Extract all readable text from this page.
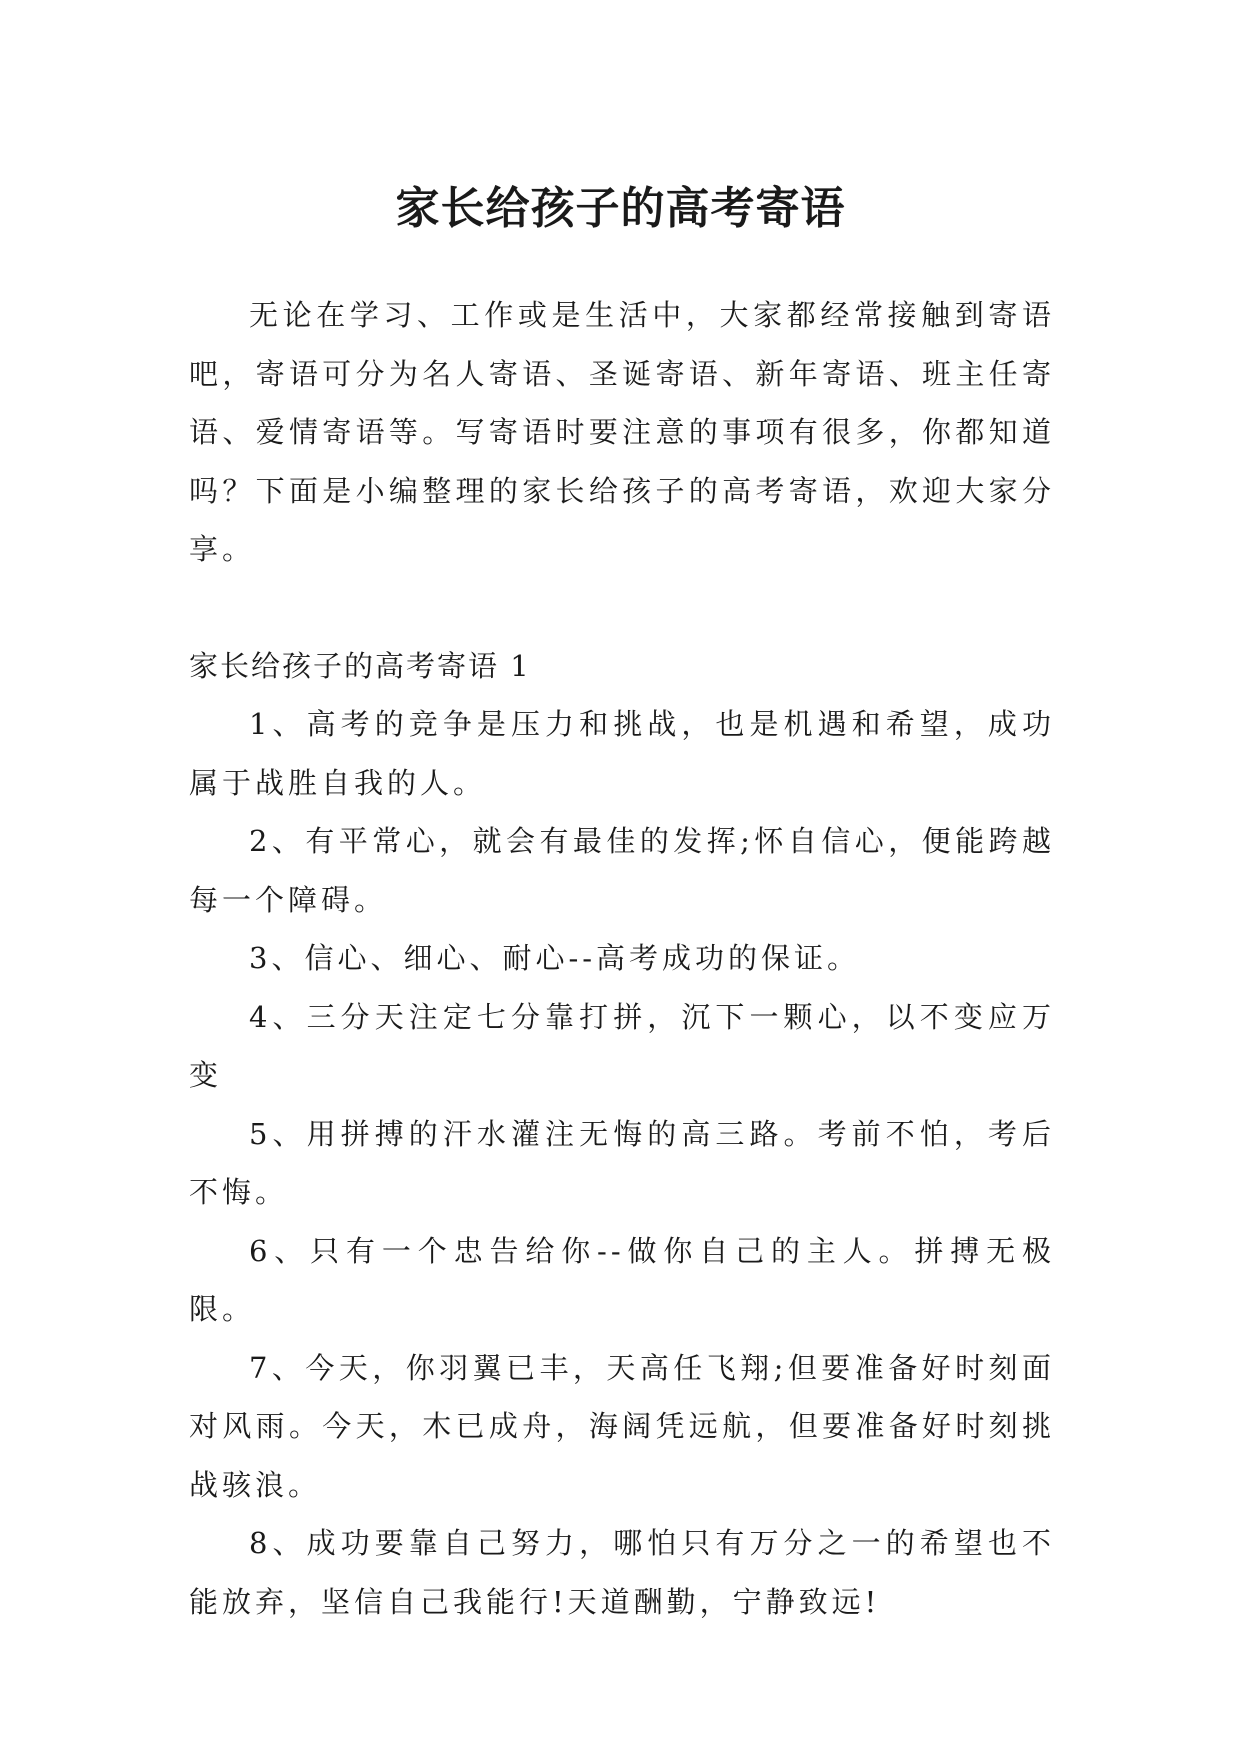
家长给孩子的高考寄语

无论在学习、工作或是生活中，大家都经常接触到寄语吧，寄语可分为名人寄语、圣诞寄语、新年寄语、班主任寄语、爱情寄语等。写寄语时要注意的事项有很多，你都知道吗？下面是小编整理的家长给孩子的高考寄语，欢迎大家分享。

家长给孩子的高考寄语 1

1、高考的竞争是压力和挑战，也是机遇和希望，成功属于战胜自我的人。

2、有平常心，就会有最佳的发挥;怀自信心，便能跨越每一个障碍。

3、信心、细心、耐心--高考成功的保证。

4、三分天注定七分靠打拼，沉下一颗心，以不变应万变

5、用拼搏的汗水灌注无悔的高三路。考前不怕，考后不悔。

6、只有一个忠告给你--做你自己的主人。拼搏无极限。

7、今天，你羽翼已丰，天高任飞翔;但要准备好时刻面对风雨。今天，木已成舟，海阔凭远航，但要准备好时刻挑战骇浪。

8、成功要靠自己努力，哪怕只有万分之一的希望也不能放弃，坚信自己我能行!天道酬勤，宁静致远!
